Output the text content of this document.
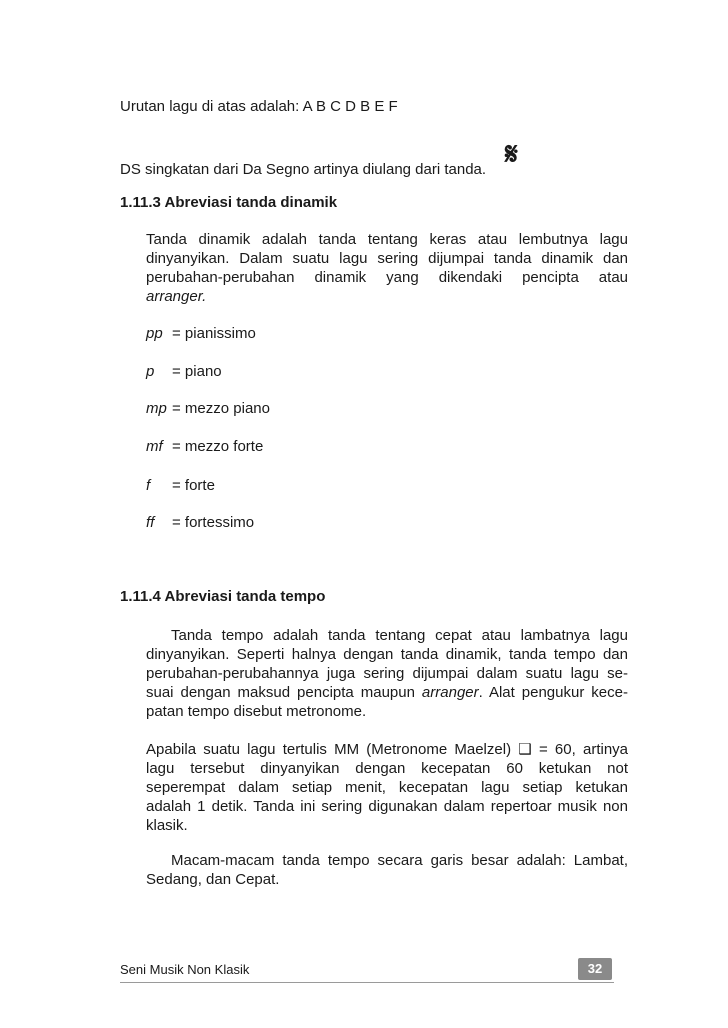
Urutan lagu di atas adalah: A B C D B E F
DS singkatan dari Da Segno artinya diulang dari tanda. 𝄋
1.11.3 Abreviasi tanda dinamik
Tanda dinamik adalah tanda tentang keras atau lembutnya lagu
dinyanyikan. Dalam suatu lagu sering dijumpai tanda dinamik dan
perubahan-perubahan dinamik yang dikendaki pencipta atau
arranger.
pp = pianissimo
p = piano
mp = mezzo piano
mf = mezzo forte
f = forte
ff = fortessimo
1.11.4 Abreviasi tanda tempo
Tanda tempo adalah tanda tentang cepat atau lambatnya lagu
dinyanyikan. Seperti halnya dengan tanda dinamik, tanda tempo dan
perubahan-perubahannya juga sering dijumpai dalam suatu lagu se-
suai dengan maksud pencipta maupun arranger. Alat pengukur kece-
patan tempo disebut metronome.
Apabila suatu lagu tertulis MM (Metronome Maelzel) ❑ = 60, artinya
lagu tersebut dinyanyikan dengan kecepatan 60 ketukan not
seperempat dalam setiap menit, kecepatan lagu setiap ketukan
adalah 1 detik. Tanda ini sering digunakan dalam repertoar musik non
klasik.
Macam-macam tanda tempo secara garis besar adalah: Lambat,
Sedang, dan Cepat.
Seni Musik Non Klasik	32
